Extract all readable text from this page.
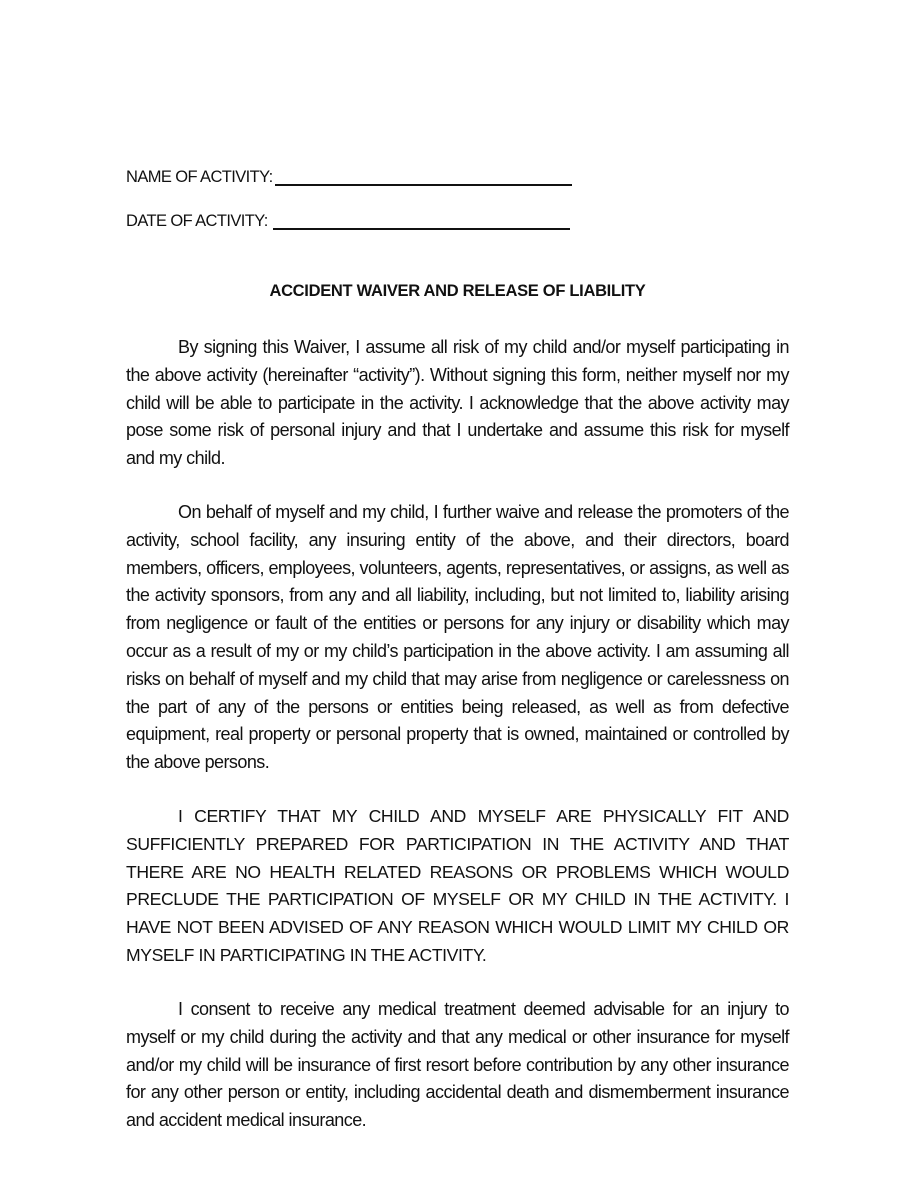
NAME OF ACTIVITY:
DATE OF ACTIVITY:
ACCIDENT WAIVER AND RELEASE OF LIABILITY

By signing this Waiver, I assume all risk of my child and/or myself participating in the above activity (hereinafter “activity”). Without signing this form, neither myself nor my child will be able to participate in the activity. I acknowledge that the above activity may pose some risk of personal injury and that I undertake and assume this risk for myself and my child.

On behalf of myself and my child, I further waive and release the promoters of the activity, school facility, any insuring entity of the above, and their directors, board members, officers, employees, volunteers, agents, representatives, or assigns, as well as the activity sponsors, from any and all liability, including, but not limited to, liability arising from negligence or fault of the entities or persons for any injury or disability which may occur as a result of my or my child’s participation in the above activity. I am assuming all risks on behalf of myself and my child that may arise from negligence or carelessness on the part of any of the persons or entities being released, as well as from defective equipment, real property or personal property that is owned, maintained or controlled by the above persons.

I CERTIFY THAT MY CHILD AND MYSELF ARE PHYSICALLY FIT AND SUFFICIENTLY PREPARED FOR PARTICIPATION IN THE ACTIVITY AND THAT THERE ARE NO HEALTH RELATED REASONS OR PROBLEMS WHICH WOULD PRECLUDE THE PARTICIPATION OF MYSELF OR MY CHILD IN THE ACTIVITY. I HAVE NOT BEEN ADVISED OF ANY REASON WHICH WOULD LIMIT MY CHILD OR MYSELF IN PARTICIPATING IN THE ACTIVITY.

I consent to receive any medical treatment deemed advisable for an injury to myself or my child during the activity and that any medical or other insurance for myself and/or my child will be insurance of first resort before contribution by any other insurance for any other person or entity, including accidental death and dismemberment insurance and accident medical insurance.
